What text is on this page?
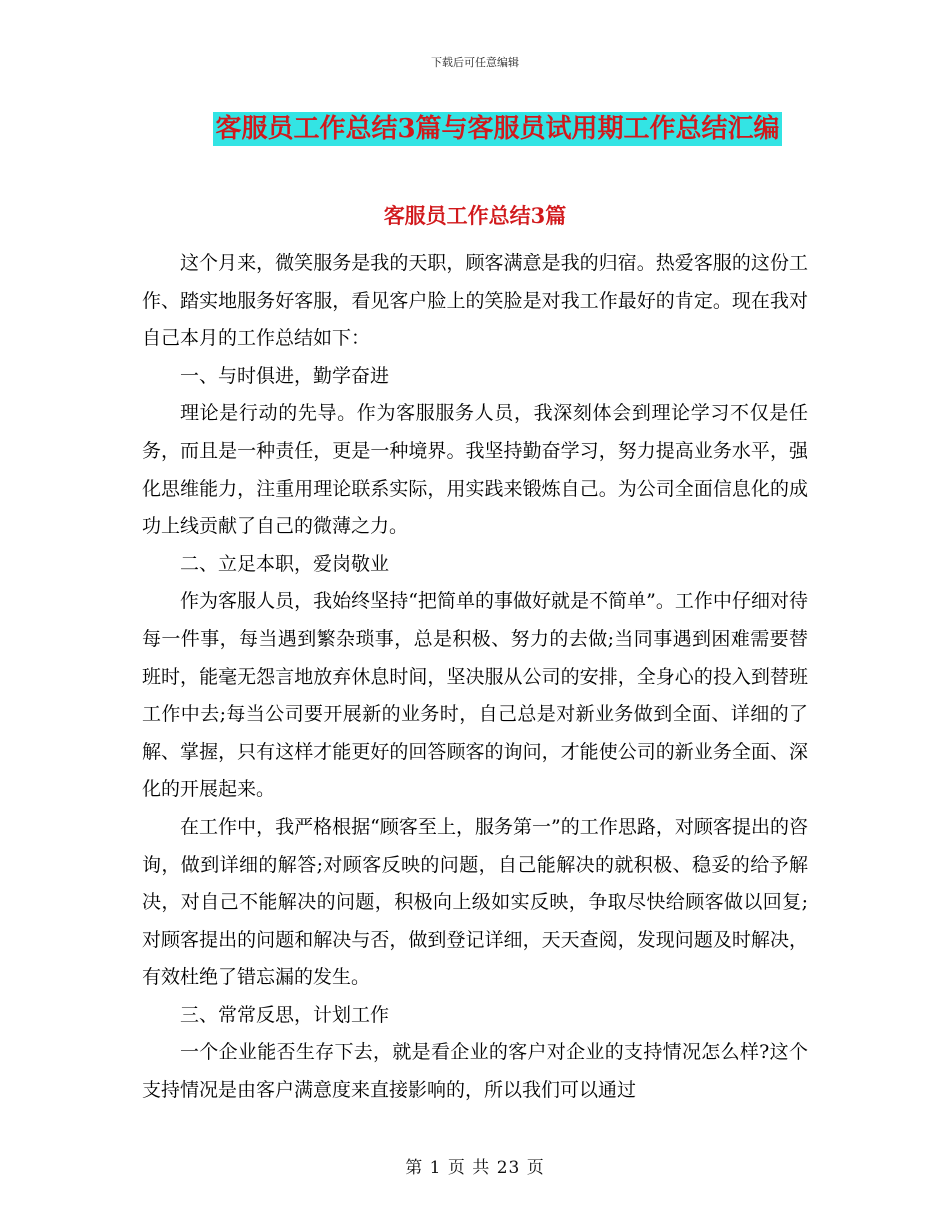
下载后可任意编辑
客服员工作总结3篇与客服员试用期工作总结汇编
客服员工作总结3篇

这个月来，微笑服务是我的天职，顾客满意是我的归宿。热爱客服的这份工作、踏实地服务好客服，看见客户脸上的笑脸是对我工作最好的肯定。现在我对自己本月的工作总结如下：

一、与时俱进，勤学奋进

理论是行动的先导。作为客服服务人员，我深刻体会到理论学习不仅是任务，而且是一种责任，更是一种境界。我坚持勤奋学习，努力提高业务水平，强化思维能力，注重用理论联系实际，用实践来锻炼自己。为公司全面信息化的成功上线贡献了自己的微薄之力。

二、立足本职，爱岗敬业

作为客服人员，我始终坚持“把简单的事做好就是不简单”。工作中仔细对待每一件事，每当遇到繁杂琐事，总是积极、努力的去做;当同事遇到困难需要替班时，能毫无怨言地放弃休息时间，坚决服从公司的安排，全身心的投入到替班工作中去;每当公司要开展新的业务时，自己总是对新业务做到全面、详细的了解、掌握，只有这样才能更好的回答顾客的询问，才能使公司的新业务全面、深化的开展起来。

在工作中，我严格根据“顾客至上，服务第一”的工作思路，对顾客提出的咨询，做到详细的解答;对顾客反映的问题，自己能解决的就积极、稳妥的给予解决，对自己不能解决的问题，积极向上级如实反映，争取尽快给顾客做以回复;对顾客提出的问题和解决与否，做到登记详细，天天查阅，发现问题及时解决，有效杜绝了错忘漏的发生。

三、常常反思，计划工作

一个企业能否生存下去，就是看企业的客户对企业的支持情况怎么样?这个支持情况是由客户满意度来直接影响的，所以我们可以通过

第 1 页 共 23 页
